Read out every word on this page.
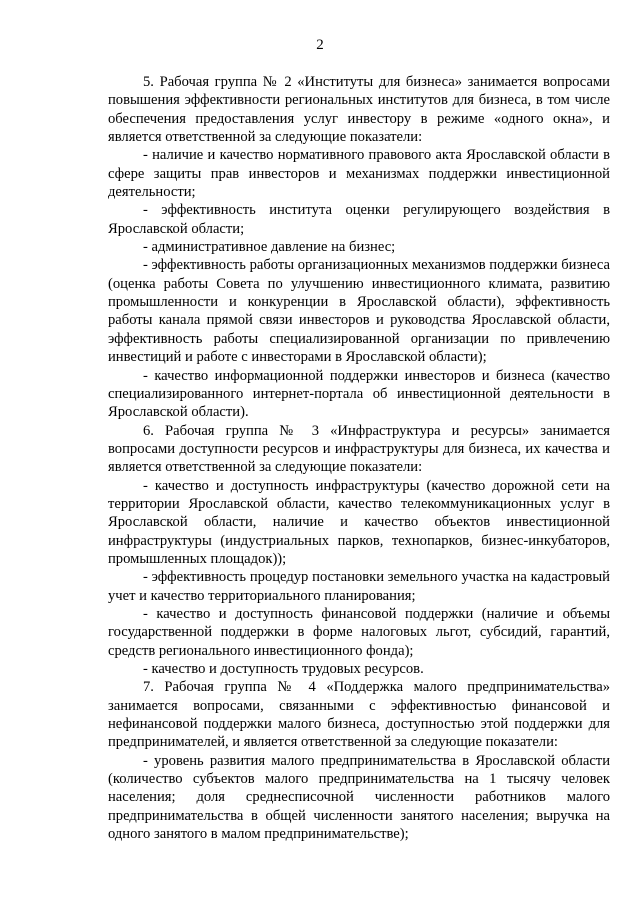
2

5. Рабочая группа № 2 «Институты для бизнеса» занимается вопросами повышения эффективности региональных институтов для бизнеса, в том числе обеспечения предоставления услуг инвестору в режиме «одного окна», и является ответственной за следующие показатели:

- наличие и качество нормативного правового акта Ярославской области в сфере защиты прав инвесторов и механизмах поддержки инвестиционной деятельности;

- эффективность института оценки регулирующего воздействия в Ярославской области;

- административное давление на бизнес;

- эффективность работы организационных механизмов поддержки бизнеса (оценка работы Совета по улучшению инвестиционного климата, развитию промышленности и конкуренции в Ярославской области), эффективность работы канала прямой связи инвесторов и руководства Ярославской области, эффективность работы специализированной организации по привлечению инвестиций и работе с инвесторами в Ярославской области);

- качество информационной поддержки инвесторов и бизнеса (качество специализированного интернет-портала об инвестиционной деятельности в Ярославской области).

6. Рабочая группа № 3 «Инфраструктура и ресурсы» занимается вопросами доступности ресурсов и инфраструктуры для бизнеса, их качества и является ответственной за следующие показатели:

- качество и доступность инфраструктуры (качество дорожной сети на территории Ярославской области, качество телекоммуникационных услуг в Ярославской области, наличие и качество объектов инвестиционной инфраструктуры (индустриальных парков, технопарков, бизнес-инкубаторов, промышленных площадок));

- эффективность процедур постановки земельного участка на кадастровый учет и качество территориального планирования;

- качество и доступность финансовой поддержки (наличие и объемы государственной поддержки в форме налоговых льгот, субсидий, гарантий, средств регионального инвестиционного фонда);

- качество и доступность трудовых ресурсов.

7. Рабочая группа № 4 «Поддержка малого предпринимательства» занимается вопросами, связанными с эффективностью финансовой и нефинансовой поддержки малого бизнеса, доступностью этой поддержки для предпринимателей, и является ответственной за следующие показатели:

- уровень развития малого предпринимательства в Ярославской области (количество субъектов малого предпринимательства на 1 тысячу человек населения; доля среднесписочной численности работников малого предпринимательства в общей численности занятого населения; выручка на одного занятого в малом предпринимательстве);
